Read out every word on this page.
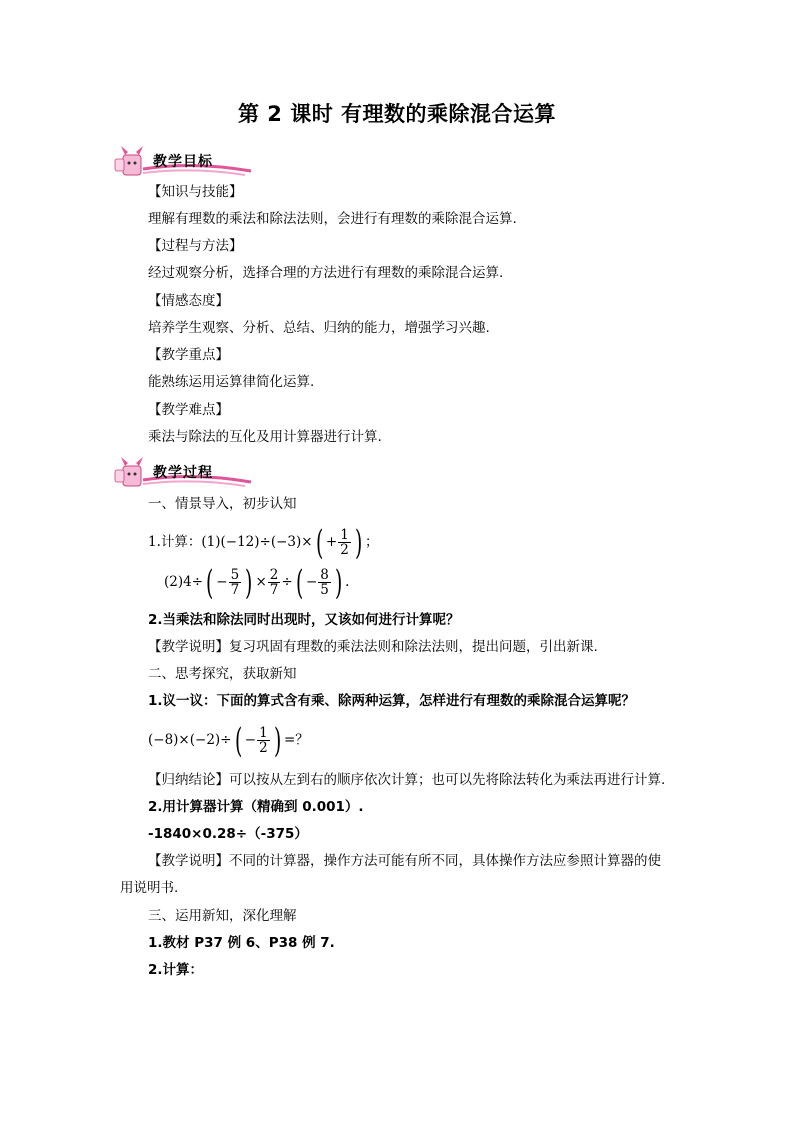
第 2 课时 有理数的乘除混合运算
教学目标
【知识与技能】
理解有理数的乘法和除法法则，会进行有理数的乘除混合运算.
【过程与方法】
经过观察分析，选择合理的方法进行有理数的乘除混合运算.
【情感态度】
培养学生观察、分析、总结、归纳的能力，增强学习兴趣.
【教学重点】
能熟练运用运算律简化运算.
【教学难点】
乘法与除法的互化及用计算器进行计算.
教学过程
一、情景导入，初步认知
1.计算：$(1)(-12)\div(-3)\times( + \frac{1}{2}$ ) ；
$(2)4\div( - \frac{5}{7}$ ) × $\frac{2}{7}$ ÷( − $\frac{8}{5}$ ) .
2.当乘法和除法同时出现时，又该如何进行计算呢？
【教学说明】复习巩固有理数的乘法法则和除法法则，提出问题，引出新课.
二、思考探究，获取新知
1.议一议：下面的算式含有乘、除两种运算，怎样进行有理数的乘除混合运算呢？
$(-8)\times(-2)\div( - \frac{1}{2}$ ) =？
【归纳结论】可以按从左到右的顺序依次计算；也可以先将除法转化为乘法再进行计算.
2.用计算器计算（精确到 0.001）.
-1840×0.28÷（-375）
【教学说明】不同的计算器，操作方法可能有所不同，具体操作方法应参照计算器的使
用说明书.
三、运用新知，深化理解
1.教材 P37 例 6、P38 例 7.
2.计算：
